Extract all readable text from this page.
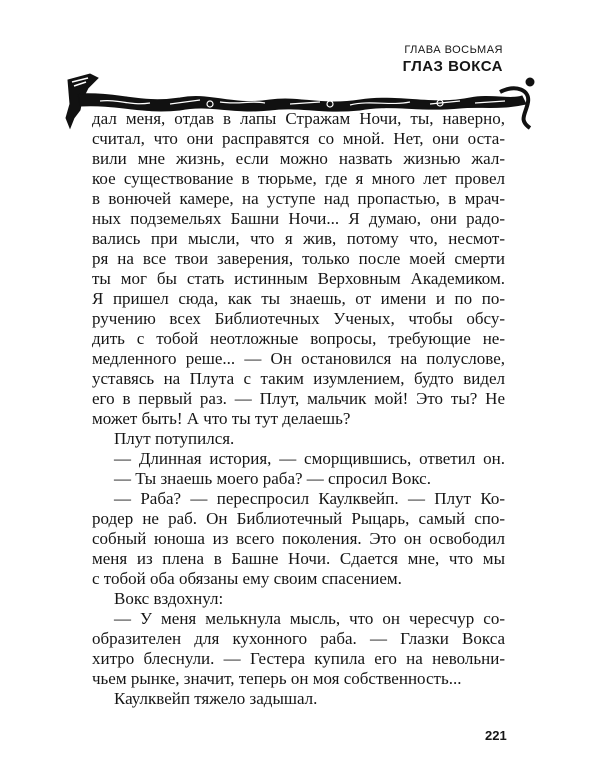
ГЛАВА ВОСЬМАЯ
ГЛАЗ ВОКСА
дал меня, отдав в лапы Стражам Ночи, ты, наверно,
считал, что они расправятся со мной. Нет, они оста-
вили мне жизнь, если можно назвать жизнью жал-
кое существование в тюрьме, где я много лет провел
в вонючей камере, на уступе над пропастью, в мрач-
ных подземельях Башни Ночи... Я думаю, они радо-
вались при мысли, что я жив, потому что, несмот-
ря на все твои заверения, только после моей смерти
ты мог бы стать истинным Верховным Академиком.
Я пришел сюда, как ты знаешь, от имени и по по-
ручению всех Библиотечных Ученых, чтобы обсу-
дить с тобой неотложные вопросы, требующие не-
медленного реше... — Он остановился на полуслове,
уставясь на Плута с таким изумлением, будто видел
его в первый раз. — Плут, мальчик мой! Это ты? Не
может быть! А что ты тут делаешь?
Плут потупился.
— Длинная история, — сморщившись, ответил он.
— Ты знаешь моего раба? — спросил Вокс.
— Раба? — переспросил Каулквейп. — Плут Ко-
родер не раб. Он Библиотечный Рыцарь, самый спо-
собный юноша из всего поколения. Это он освободил
меня из плена в Башне Ночи. Сдается мне, что мы
с тобой оба обязаны ему своим спасением.
Вокс вздохнул:
— У меня мелькнула мысль, что он чересчур со-
образителен для кухонного раба. — Глазки Вокса
хитро блеснули. — Гестера купила его на невольни-
чьем рынке, значит, теперь он моя собственность...
Каулквейп тяжело задышал.
221
